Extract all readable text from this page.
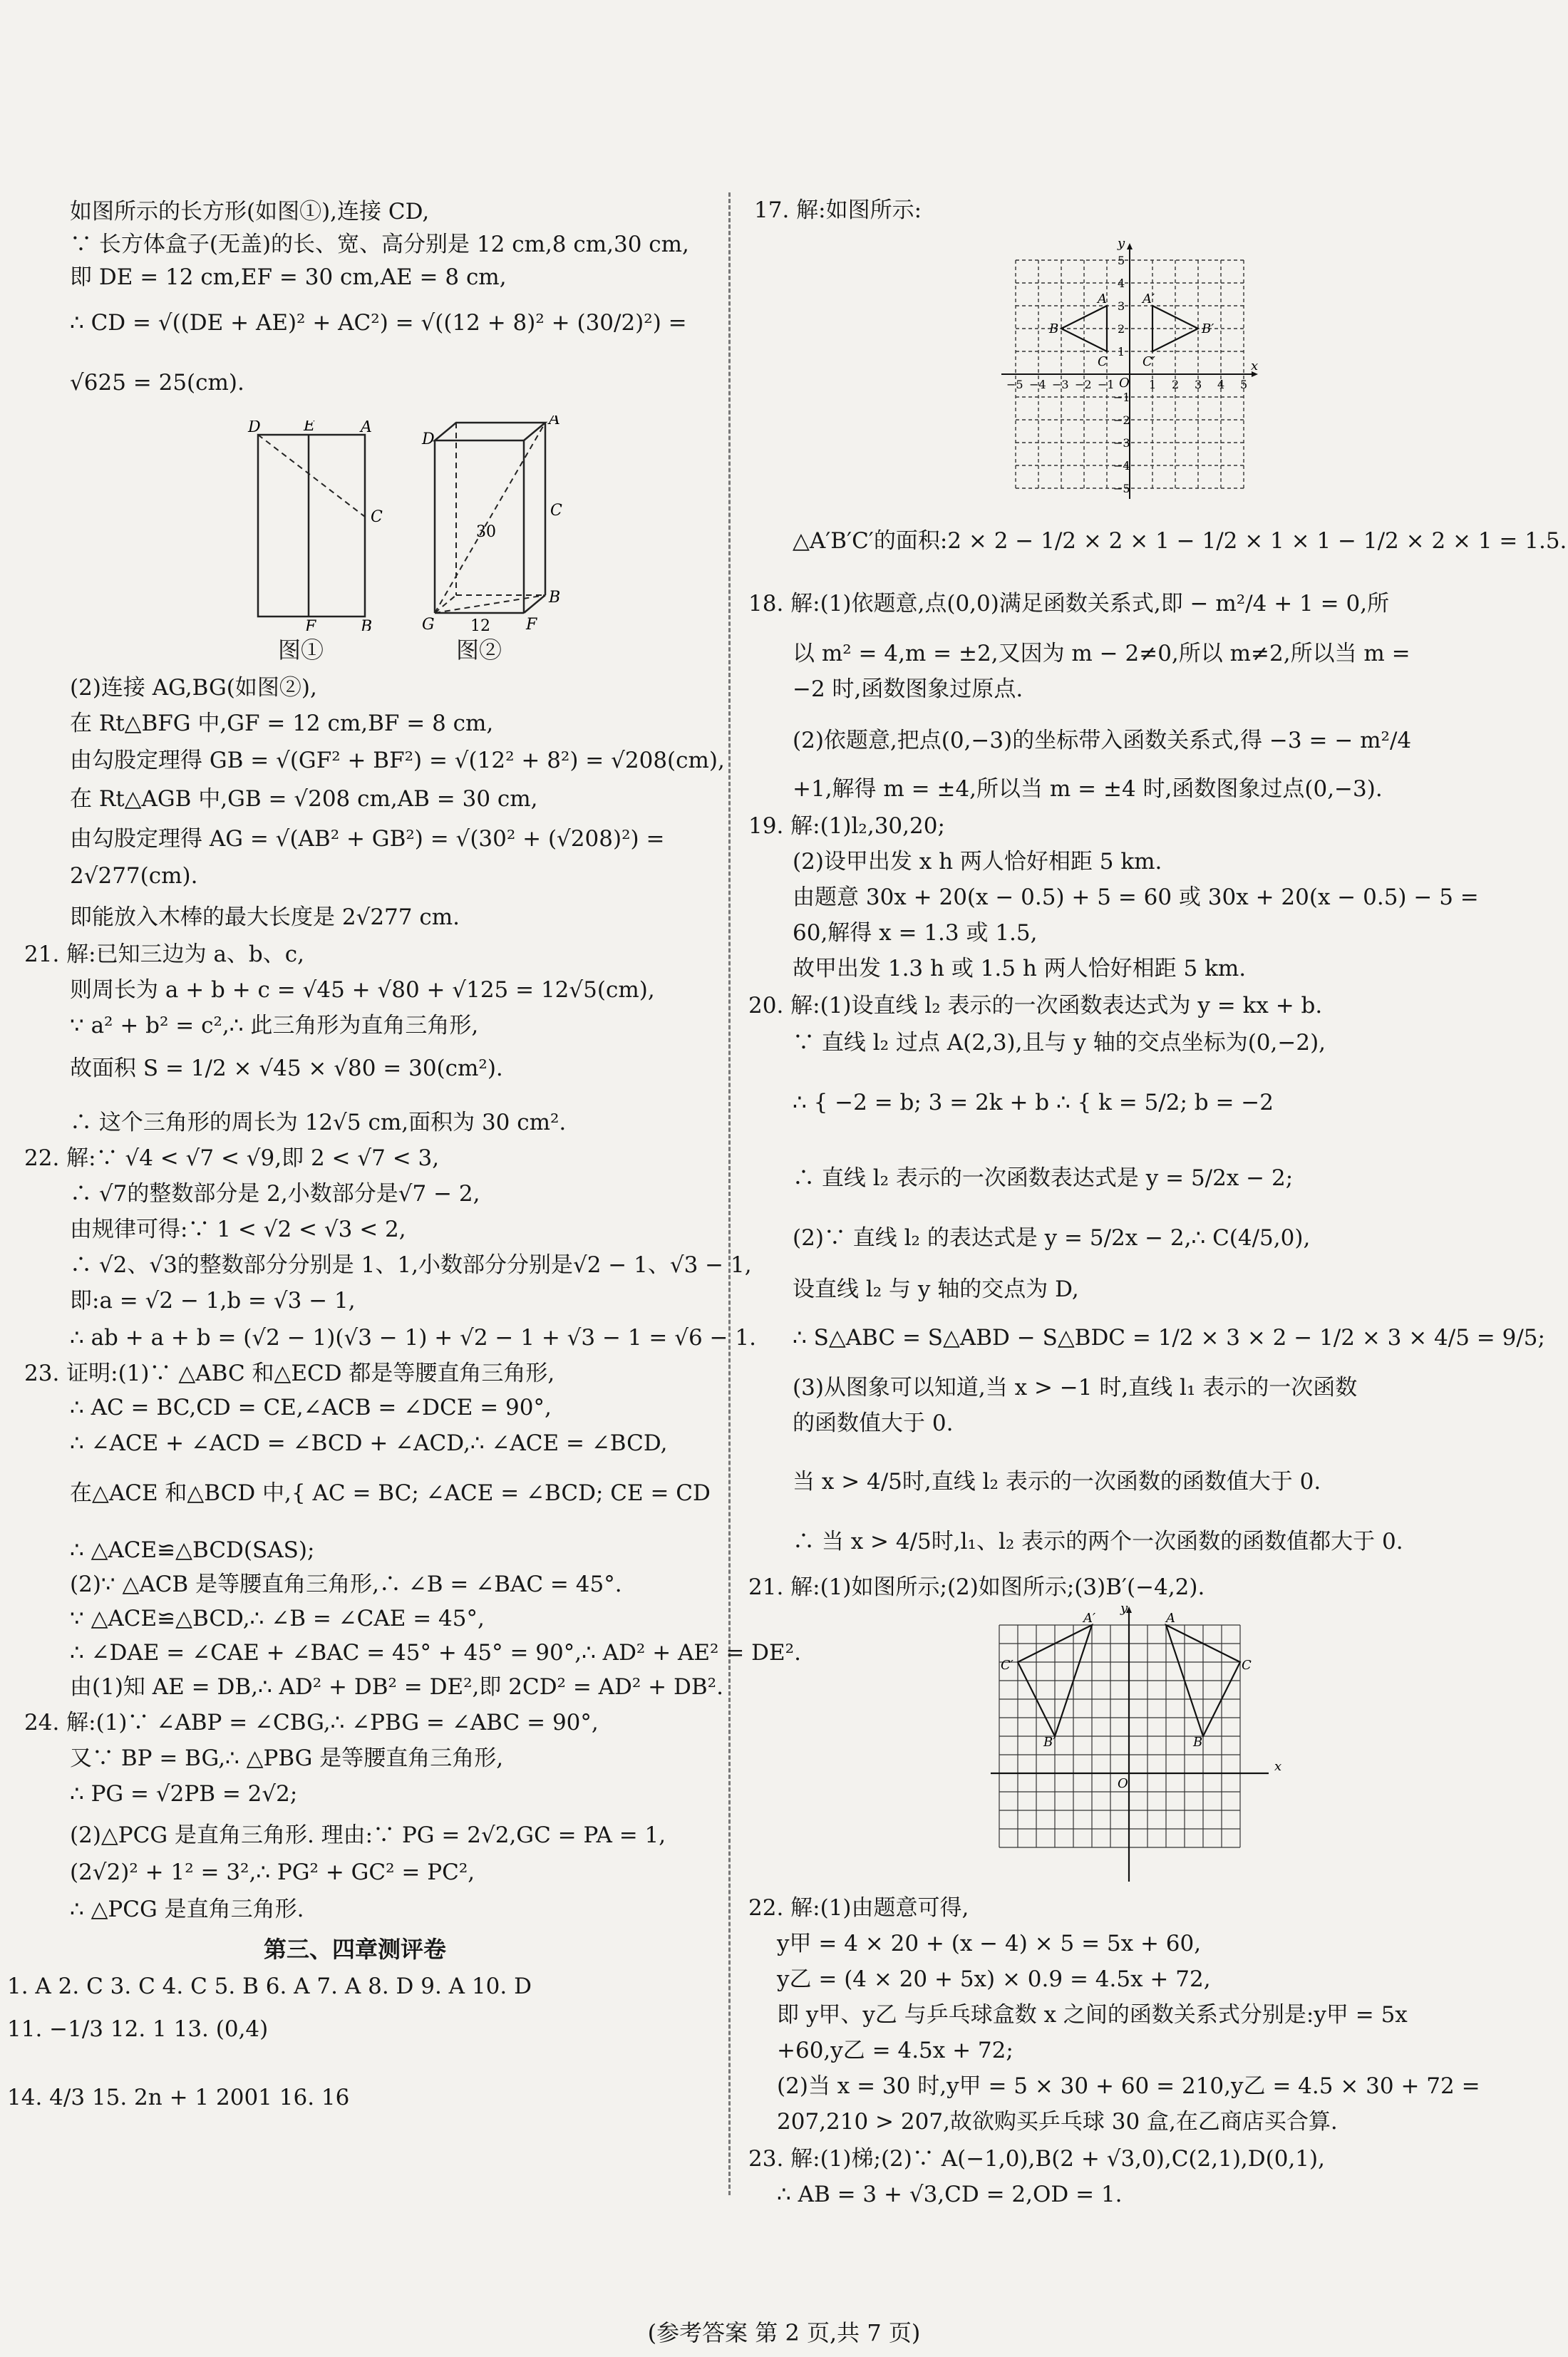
如图所示的长方形(如图①),连接 CD,
∵ 长方体盒子(无盖)的长、宽、高分别是 12 cm,8 cm,30 cm,
即 DE = 12 cm,EF = 30 cm,AE = 8 cm,
∴ CD = √((DE + AE)² + AC²) = √((12 + 8)² + (30/2)²) =
√625 = 25(cm).
D	E	A
C
F	B
图①
D
A
C
30
B
G 12 F
图②
(2)连接 AG,BG(如图②),
在 Rt△BFG 中,GF = 12 cm,BF = 8 cm,
由勾股定理得 GB = √(GF² + BF²) = √(12² + 8²) = √208(cm),
在 Rt△AGB 中,GB = √208 cm,AB = 30 cm,
由勾股定理得 AG = √(AB² + GB²) = √(30² + (√208)²) =
2√277(cm).
即能放入木棒的最大长度是 2√277 cm.
21. 解:已知三边为 a、b、c,
则周长为 a + b + c = √45 + √80 + √125 = 12√5(cm),
∵ a² + b² = c²,∴ 此三角形为直角三角形,
故面积 S = 1/2 × √45 × √80 = 30(cm²).
∴ 这个三角形的周长为 12√5 cm,面积为 30 cm².
22. 解:∵ √4 < √7 < √9,即 2 < √7 < 3,
∴ √7的整数部分是 2,小数部分是√7 − 2,
由规律可得:∵ 1 < √2 < √3 < 2,
∴ √2、√3的整数部分分别是 1、1,小数部分分别是√2 − 1、√3 − 1,
即:a = √2 − 1,b = √3 − 1,
∴ ab + a + b = (√2 − 1)(√3 − 1) + √2 − 1 + √3 − 1 = √6 − 1.
23. 证明:(1)∵ △ABC 和△ECD 都是等腰直角三角形,
∴ AC = BC,CD = CE,∠ACB = ∠DCE = 90°,
∴ ∠ACE + ∠ACD = ∠BCD + ∠ACD,∴ ∠ACE = ∠BCD,
在△ACE 和△BCD 中,{ AC = BC; ∠ACE = ∠BCD; CE = CD
∴ △ACE≌△BCD(SAS);
(2)∵ △ACB 是等腰直角三角形,∴ ∠B = ∠BAC = 45°.
∵ △ACE≌△BCD,∴ ∠B = ∠CAE = 45°,
∴ ∠DAE = ∠CAE + ∠BAC = 45° + 45° = 90°,∴ AD² + AE² = DE².
由(1)知 AE = DB,∴ AD² + DB² = DE²,即 2CD² = AD² + DB².
24. 解:(1)∵ ∠ABP = ∠CBG,∴ ∠PBG = ∠ABC = 90°,
又∵ BP = BG,∴ △PBG 是等腰直角三角形,
∴ PG = √2PB = 2√2;
(2)△PCG 是直角三角形. 理由:∵ PG = 2√2,GC = PA = 1,
(2√2)² + 1² = 3²,∴ PG² + GC² = PC²,
∴ △PCG 是直角三角形.
第三、四章测评卷
1. A 2. C 3. C 4. C 5. B 6. A 7. A 8. D 9. A 10. D
11. −1/3 12. 1 13. (0,4)
14. 4/3 15. 2n + 1 2001 16. 16
17. 解:如图所示:
y
x
O
A
B
C
A′
B′
C′
−5 −4 −3 −2 −1	1 2 3 4 5
5
4
3
2
1
−1
−2
−3
−4
−5
△A′B′C′的面积:2 × 2 − 1/2 × 2 × 1 − 1/2 × 1 × 1 − 1/2 × 2 × 1 = 1.5.
18. 解:(1)依题意,点(0,0)满足函数关系式,即 − m²/4 + 1 = 0,所
以 m² = 4,m = ±2,又因为 m − 2≠0,所以 m≠2,所以当 m =
−2 时,函数图象过原点.
(2)依题意,把点(0,−3)的坐标带入函数关系式,得 −3 = − m²/4
+1,解得 m = ±4,所以当 m = ±4 时,函数图象过点(0,−3).
19. 解:(1)l₂,30,20;
(2)设甲出发 x h 两人恰好相距 5 km.
由题意 30x + 20(x − 0.5) + 5 = 60 或 30x + 20(x − 0.5) − 5 =
60,解得 x = 1.3 或 1.5,
故甲出发 1.3 h 或 1.5 h 两人恰好相距 5 km.
20. 解:(1)设直线 l₂ 表示的一次函数表达式为 y = kx + b.
∵ 直线 l₂ 过点 A(2,3),且与 y 轴的交点坐标为(0,−2),
∴ { −2 = b; 3 = 2k + b ∴ { k = 5/2; b = −2
∴ 直线 l₂ 表示的一次函数表达式是 y = 5/2x − 2;
(2)∵ 直线 l₂ 的表达式是 y = 5/2x − 2,∴ C(4/5,0),
设直线 l₂ 与 y 轴的交点为 D,
∴ S△ABC = S△ABD − S△BDC = 1/2 × 3 × 2 − 1/2 × 3 × 4/5 = 9/5;
(3)从图象可以知道,当 x > −1 时,直线 l₁ 表示的一次函数
的函数值大于 0.
当 x > 4/5时,直线 l₂ 表示的一次函数的函数值大于 0.
∴ 当 x > 4/5时,l₁、l₂ 表示的两个一次函数的函数值都大于 0.
21. 解:(1)如图所示;(2)如图所示;(3)B′(−4,2).
y
x
O
A′	A
C′	C
B′	B
22. 解:(1)由题意可得,
y甲 = 4 × 20 + (x − 4) × 5 = 5x + 60,
y乙 = (4 × 20 + 5x) × 0.9 = 4.5x + 72,
即 y甲、y乙 与乒乓球盒数 x 之间的函数关系式分别是:y甲 = 5x
+60,y乙 = 4.5x + 72;
(2)当 x = 30 时,y甲 = 5 × 30 + 60 = 210,y乙 = 4.5 × 30 + 72 =
207,210 > 207,故欲购买乒乓球 30 盒,在乙商店买合算.
23. 解:(1)梯;(2)∵ A(−1,0),B(2 + √3,0),C(2,1),D(0,1),
∴ AB = 3 + √3,CD = 2,OD = 1.
(参考答案 第 2 页,共 7 页)
